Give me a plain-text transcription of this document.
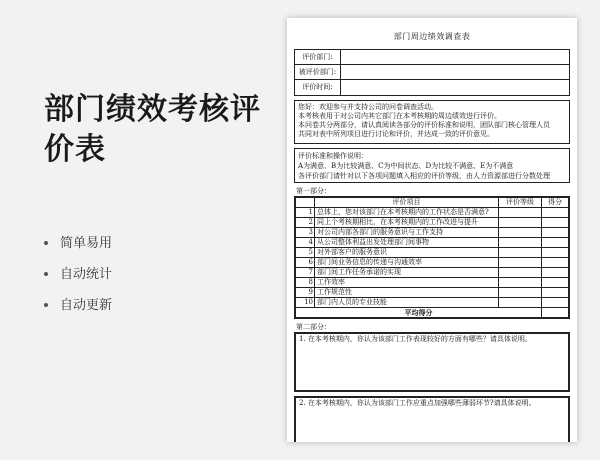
部门绩效考核评价表
简单易用
自动统计
自动更新
部门周边绩效调查表
评价部门:
被评价部门:
评价时间:
您好：欢迎参与并支持公司的问卷调查活动。
本考核表用于对公司内其它部门在本考核期的周边绩效进行评价。
本问卷共分两部分，请认真阅读各部分的评价标准和说明，团队部门核心管理人员
共同对表中所列项目进行讨论和评价，并达成一致的评价意见。
评价标准和操作说明：
A为满意、B为比较满意、C为中间状态、D为比较不满意、E为不满意
各评价部门请针对以下各项问题填入相应的评价等级，由人力资源部进行分数处理
第一部分：
	评价项目	评价等级	得分
1	总体上，您对该部门在本考核期内的工作状态是否满意?		
2	同上个考核期相比，在本考核期内的工作改进与提升		
3	对公司内部各部门的服务意识与工作支持		
4	从公司整体利益出发处理部门间事物		
5	对外部客户的服务意识		
6	部门间业务信息的传递与沟通效率		
7	部门间工作任务承诺的实现		
8	工作效率		
9	工作规范性		
10	部门内人员的专业技能		
平均得分			
第二部分：
1. 在本考核期内，你认为该部门工作表现较好的方面有哪些？请具体说明。
2. 在本考核期内，你认为该部门工作应重点加强哪些薄弱环节?请具体说明。
